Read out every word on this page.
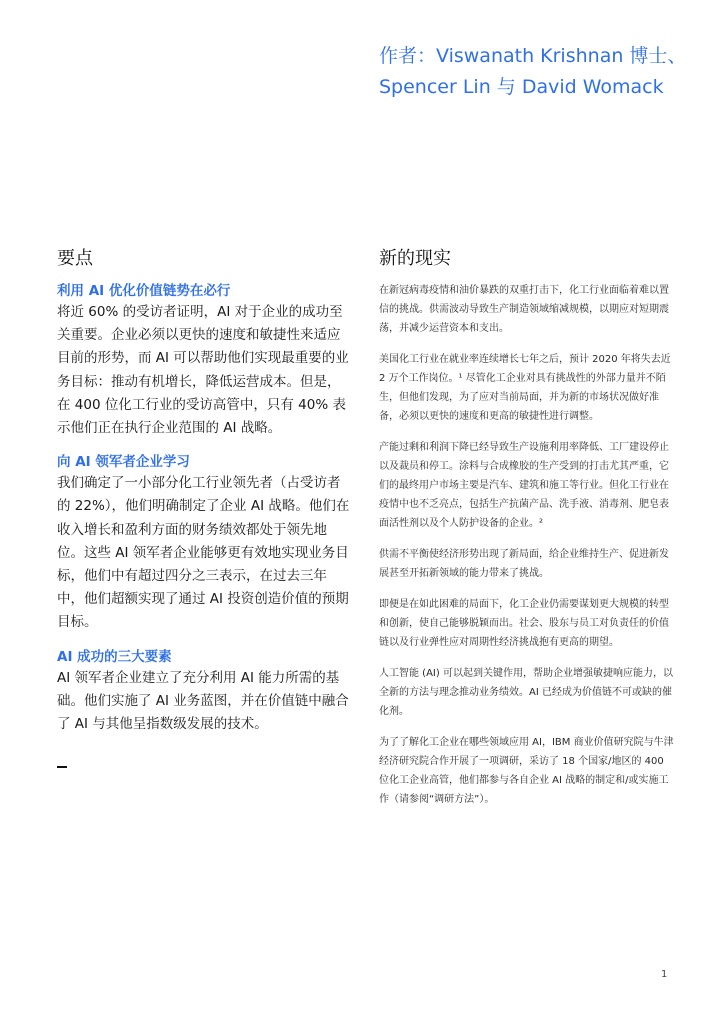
作者：Viswanath Krishnan 博士、Spencer Lin 与 David Womack
要点
利用 AI 优化价值链势在必行

将近 60% 的受访者证明，AI 对于企业的成功至关重要。企业必须以更快的速度和敏捷性来适应目前的形势，而 AI 可以帮助他们实现最重要的业务目标：推动有机增长，降低运营成本。但是，在 400 位化工行业的受访高管中，只有 40% 表示他们正在执行企业范围的 AI 战略。

向 AI 领军者企业学习

我们确定了一小部分化工行业领先者（占受访者的 22%），他们明确制定了企业 AI 战略。他们在收入增长和盈利方面的财务绩效都处于领先地位。这些 AI 领军者企业能够更有效地实现业务目标，他们中有超过四分之三表示，在过去三年中，他们超额实现了通过 AI 投资创造价值的预期目标。

AI 成功的三大要素

AI 领军者企业建立了充分利用 AI 能力所需的基础。他们实施了 AI 业务蓝图，并在价值链中融合了 AI 与其他呈指数级发展的技术。

新的现实

在新冠病毒疫情和油价暴跌的双重打击下，化工行业面临着难以置信的挑战。供需波动导致生产制造领域缩减规模，以期应对短期震荡，并减少运营资本和支出。

美国化工行业在就业率连续增长七年之后，预计 2020 年将失去近 2 万个工作岗位。¹ 尽管化工企业对具有挑战性的外部力量并不陌生，但他们发现，为了应对当前局面，并为新的市场状况做好准备，必须以更快的速度和更高的敏捷性进行调整。

产能过剩和利润下降已经导致生产设施利用率降低、工厂建设停止以及裁员和停工。涂料与合成橡胶的生产受到的打击尤其严重，它们的最终用户市场主要是汽车、建筑和施工等行业。但化工行业在疫情中也不乏亮点，包括生产抗菌产品、洗手液、消毒剂、肥皂表面活性剂以及个人防护设备的企业。²

供需不平衡使经济形势出现了新局面，给企业维持生产、促进新发展甚至开拓新领域的能力带来了挑战。

即便是在如此困难的局面下，化工企业仍需要谋划更大规模的转型和创新，使自己能够脱颖而出。社会、股东与员工对负责任的价值链以及行业弹性应对周期性经济挑战抱有更高的期望。

人工智能 (AI) 可以起到关键作用，帮助企业增强敏捷响应能力，以全新的方法与理念推动业务绩效。AI 已经成为价值链不可或缺的催化剂。

为了了解化工企业在哪些领域应用 AI，IBM 商业价值研究院与牛津经济研究院合作开展了一项调研，采访了 18 个国家/地区的 400 位化工企业高管，他们都参与各自企业 AI 战略的制定和/或实施工作（请参阅“调研方法”）。

1
